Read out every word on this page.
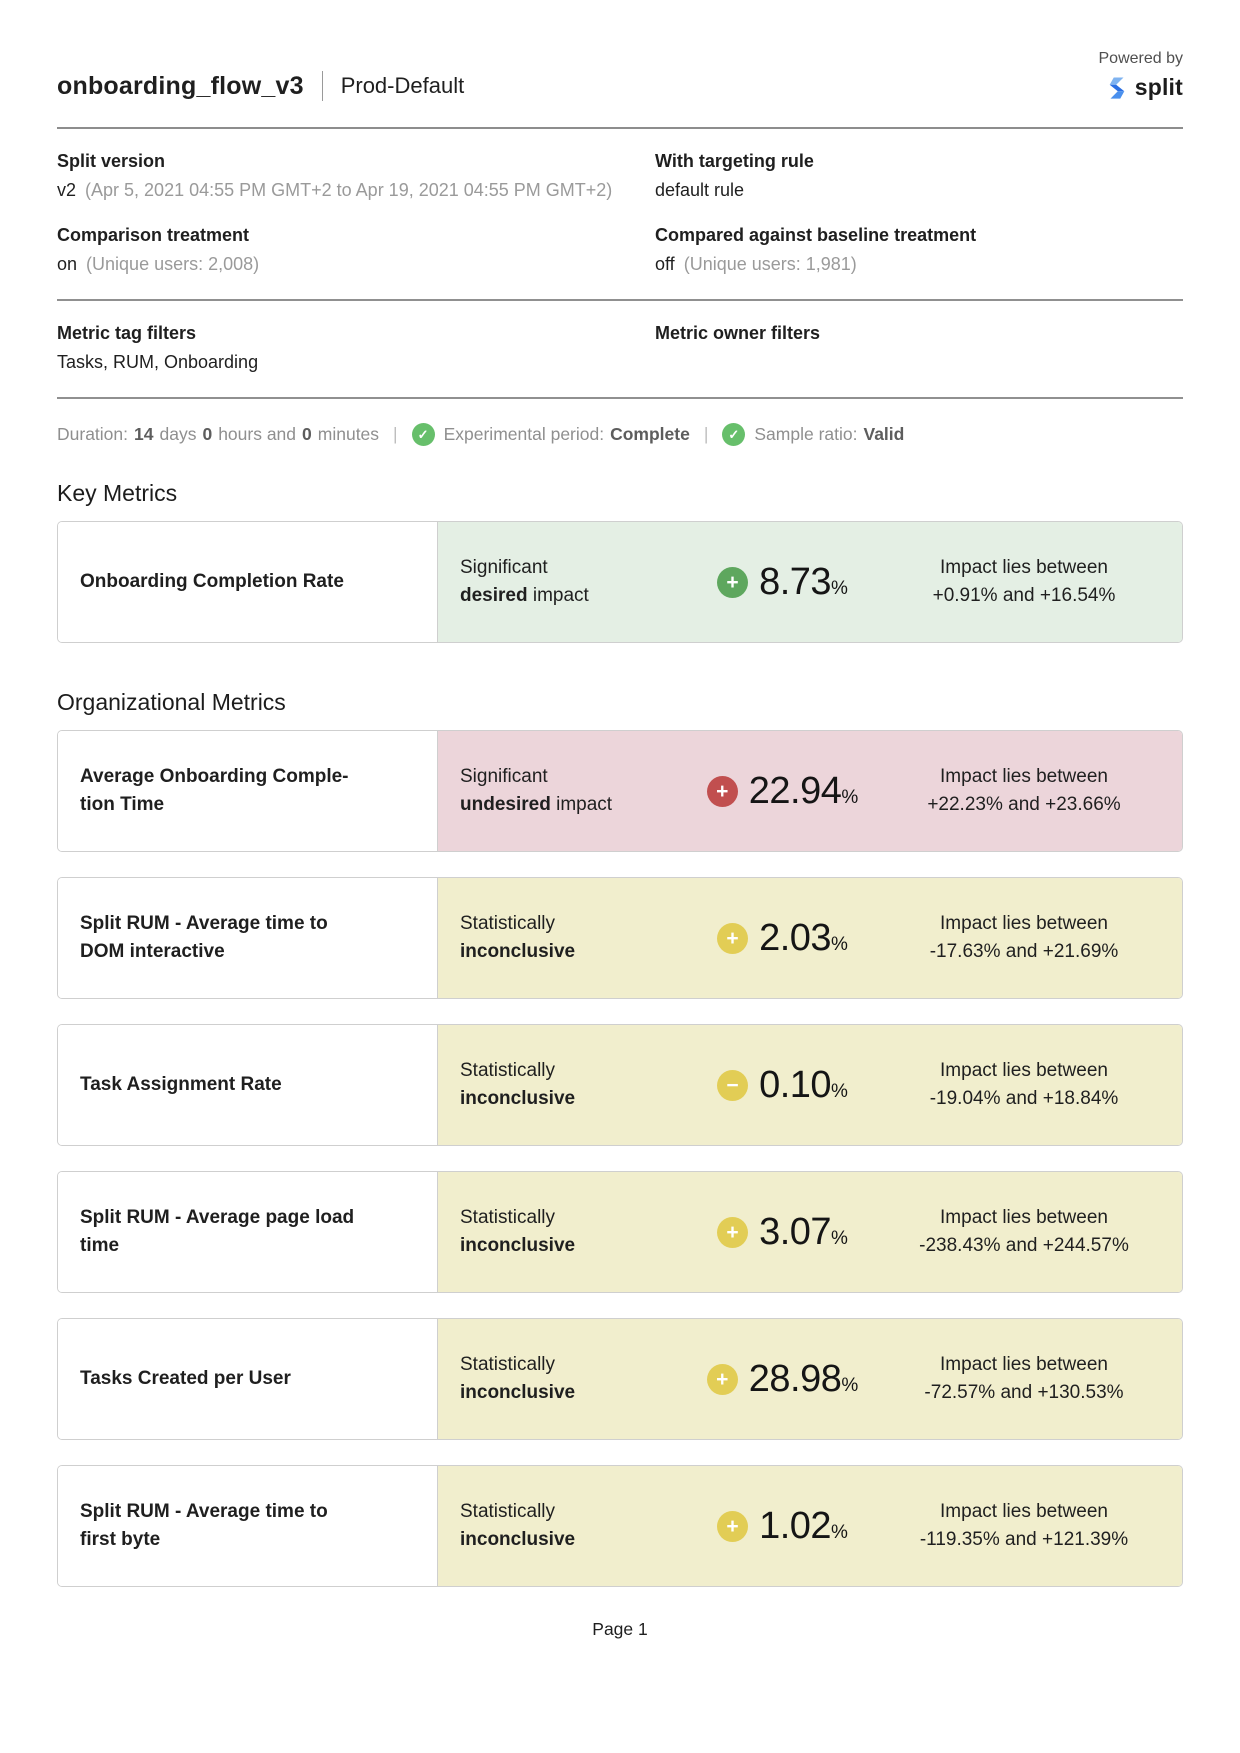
onboarding_flow_v3 Prod-Default
Powered by
split
Split version
v2 (Apr 5, 2021 04:55 PM GMT+2 to Apr 19, 2021 04:55 PM GMT+2)
With targeting rule
default rule
Comparison treatment
on (Unique users: 2,008)
Compared against baseline treatment
off (Unique users: 1,981)
Metric tag filters
Tasks, RUM, Onboarding
Metric owner filters
Duration: 14 days 0 hours and 0 minutes |	✓ Experimental period: Complete |	✓ Sample ratio: Valid
Key Metrics
Onboarding Completion Rate
Significant
desired impact
+ 8.73 %
Impact lies between
+0.91% and +16.54%
Organizational Metrics
Average Onboarding Completion Time
Significant
undesired impact
+ 22.94 %
Impact lies between
+22.23% and +23.66%
Split RUM - Average time to DOM interactive
Statistically
inconclusive
+ 2.03 %
Impact lies between
-17.63% and +21.69%
Task Assignment Rate
Statistically
inconclusive
− 0.10 %
Impact lies between
-19.04% and +18.84%
Split RUM - Average page load time
Statistically
inconclusive
+ 3.07 %
Impact lies between
-238.43% and +244.57%
Tasks Created per User
Statistically
inconclusive
+ 28.98 %
Impact lies between
-72.57% and +130.53%
Split RUM - Average time to first byte
Statistically
inconclusive
+ 1.02 %
Impact lies between
-119.35% and +121.39%
Page 1
